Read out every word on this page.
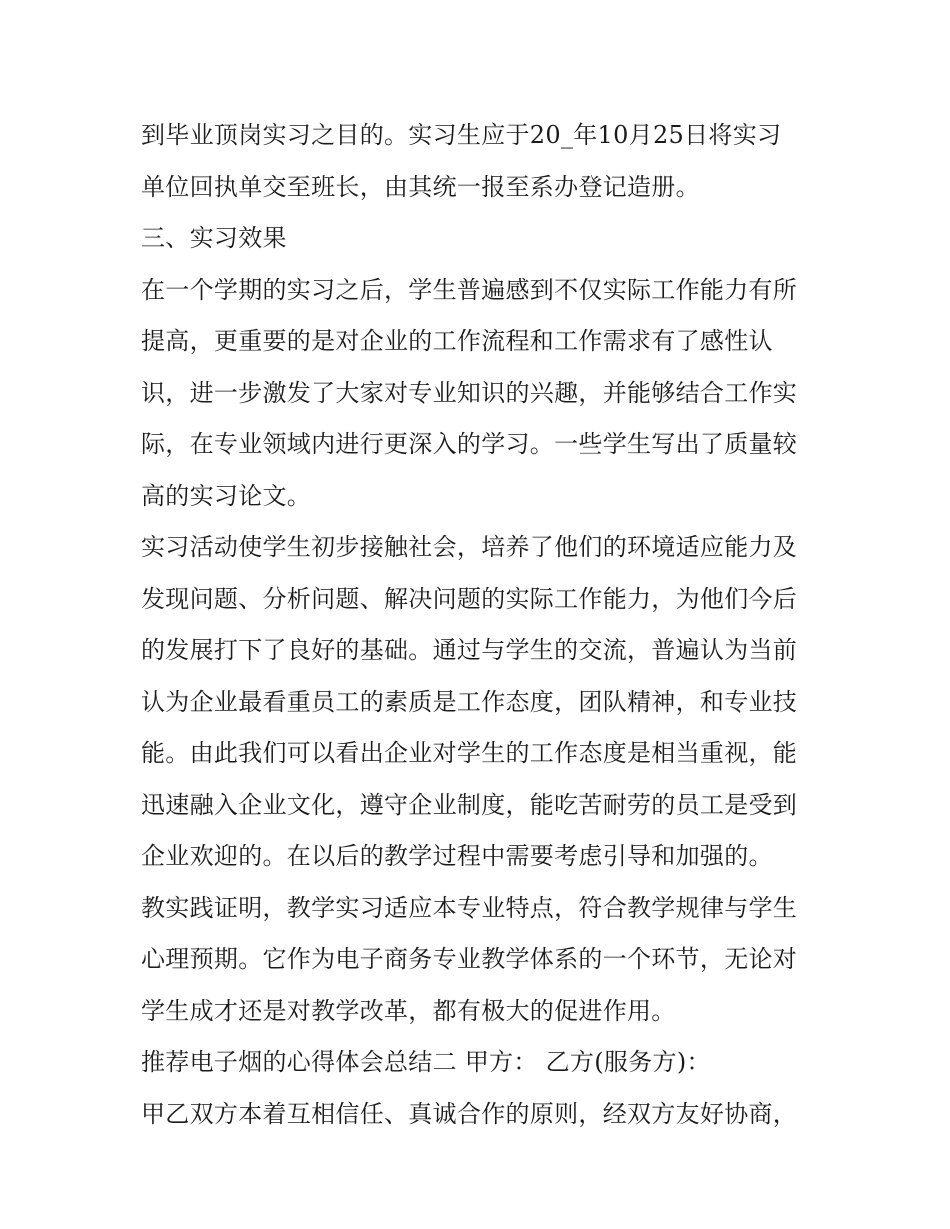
到毕业顶岗实习之目的。实习生应于20_年10月25日将实习
单位回执单交至班长，由其统一报至系办登记造册。
三、实习效果
在一个学期的实习之后，学生普遍感到不仅实际工作能力有所
提高，更重要的是对企业的工作流程和工作需求有了感性认
识，进一步激发了大家对专业知识的兴趣，并能够结合工作实
际，在专业领域内进行更深入的学习。一些学生写出了质量较
高的实习论文。
实习活动使学生初步接触社会，培养了他们的环境适应能力及
发现问题、分析问题、解决问题的实际工作能力，为他们今后
的发展打下了良好的基础。通过与学生的交流，普遍认为当前
认为企业最看重员工的素质是工作态度，团队精神，和专业技
能。由此我们可以看出企业对学生的工作态度是相当重视，能
迅速融入企业文化，遵守企业制度，能吃苦耐劳的员工是受到
企业欢迎的。在以后的教学过程中需要考虑引导和加强的。
教实践证明，教学实习适应本专业特点，符合教学规律与学生
心理预期。它作为电子商务专业教学体系的一个环节，无论对
学生成才还是对教学改革，都有极大的促进作用。
推荐电子烟的心得体会总结二 甲方： 乙方(服务方)：
甲乙双方本着互相信任、真诚合作的原则，经双方友好协商，
